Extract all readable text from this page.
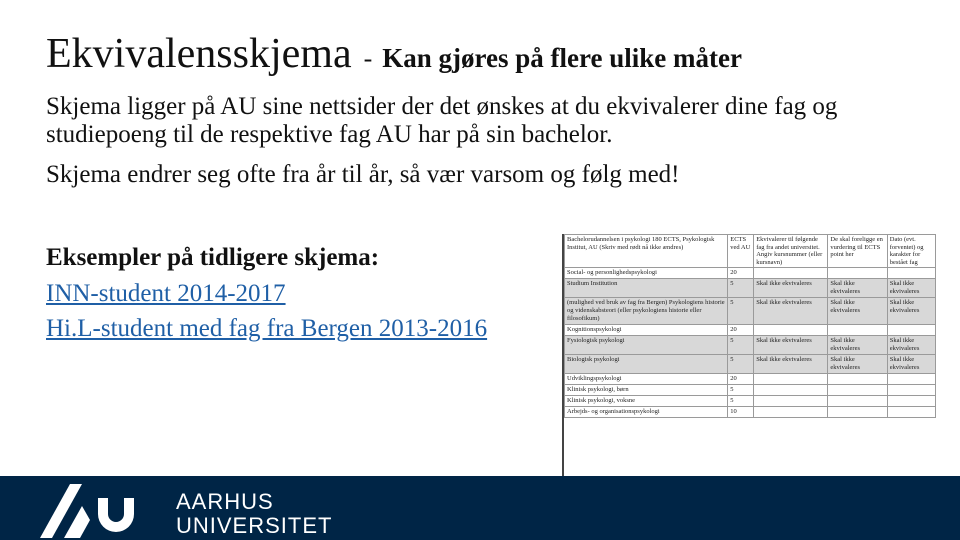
Ekvivalensskjema - Kan gjøres på flere ulike måter

Skjema ligger på AU sine nettsider der det ønskes at du ekvivalerer dine fag og studiepoeng til de respektive fag AU har på sin bachelor.

Skjema endrer seg ofte fra år til år, så vær varsom og følg med!

Eksempler på tidligere skjema:
INN-student 2014-2017
Hi.L-student med fag fra Bergen 2013-2016
Bachelorudannelsen i psykologi 180 ECTS, Psykologisk Institut, AU (Skriv med rødt nå ikke ændres)	ECTS ved AU	Ekvivalerer til følgende fag fra andet universitet. Angiv kursnummer (eller kursnavn)	De skal foreligge en vurdering til ECTS point her	Dato (evt. forventet) og karakter for bestået fag
Social- og personlighedspsykologi	20			
Studium Institution	5	Skal ikke ekvivaleres	Skal ikke ekvivaleres	Skal ikke ekvivaleres
(mulighed ved bruk av fag fra Bergen) Psykologiens historie og videnskabsteori (eller psykologiens historie eller filosofikum)	5	Skal ikke ekvivaleres	Skal ikke ekvivaleres	Skal ikke ekvivaleres
Kognitionspsykologi	20			
Fysiologisk psykologi	5	Skal ikke ekvivaleres	Skal ikke ekvivaleres	Skal ikke ekvivaleres
Biologisk psykologi	5	Skal ikke ekvivaleres	Skal ikke ekvivaleres	Skal ikke ekvivaleres
Udviklingspsykologi	20			
Klinisk psykologi, børn	5			
Klinisk psykologi, voksne	5			
Arbejds- og organisationspsykologi	10			
AARHUS
UNIVERSITET
